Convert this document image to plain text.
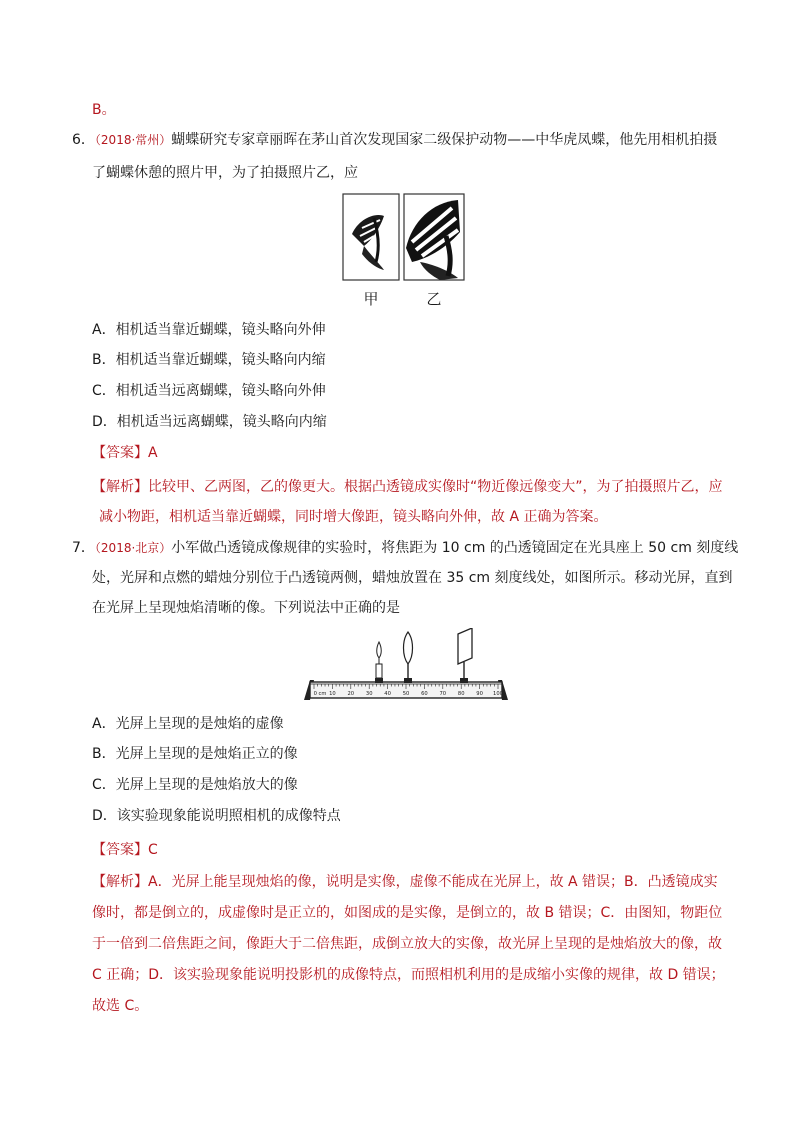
B。
6．（2018·常州）蝴蝶研究专家章丽晖在茅山首次发现国家二级保护动物——中华虎凤蝶，他先用相机拍摄
了蝴蝶休憩的照片甲，为了拍摄照片乙，应
甲	乙
A．相机适当靠近蝴蝶，镜头略向外伸
B．相机适当靠近蝴蝶，镜头略向内缩
C．相机适当远离蝴蝶，镜头略向外伸
D．相机适当远离蝴蝶，镜头略向内缩
【答案】A
【解析】比较甲、乙两图，乙的像更大。根据凸透镜成实像时“物近像远像变大”，为了拍摄照片乙，应
减小物距，相机适当靠近蝴蝶，同时增大像距，镜头略向外伸，故 A 正确为答案。
7．（2018·北京）小军做凸透镜成像规律的实验时，将焦距为 10 cm 的凸透镜固定在光具座上 50 cm 刻度线
处，光屏和点燃的蜡烛分别位于凸透镜两侧，蜡烛放置在 35 cm 刻度线处，如图所示。移动光屏，直到
在光屏上呈现烛焰清晰的像。下列说法中正确的是
0 cm 10 20 30 40 50 60 70 80 90 100
A．光屏上呈现的是烛焰的虚像
B．光屏上呈现的是烛焰正立的像
C．光屏上呈现的是烛焰放大的像
D．该实验现象能说明照相机的成像特点
【答案】C
【解析】A．光屏上能呈现烛焰的像，说明是实像，虚像不能成在光屏上，故 A 错误；B．凸透镜成实
像时，都是倒立的，成虚像时是正立的，如图成的是实像，是倒立的，故 B 错误；C．由图知，物距位
于一倍到二倍焦距之间，像距大于二倍焦距，成倒立放大的实像，故光屏上呈现的是烛焰放大的像，故
C 正确；D．该实验现象能说明投影机的成像特点，而照相机利用的是成缩小实像的规律，故 D 错误；
故选 C。
